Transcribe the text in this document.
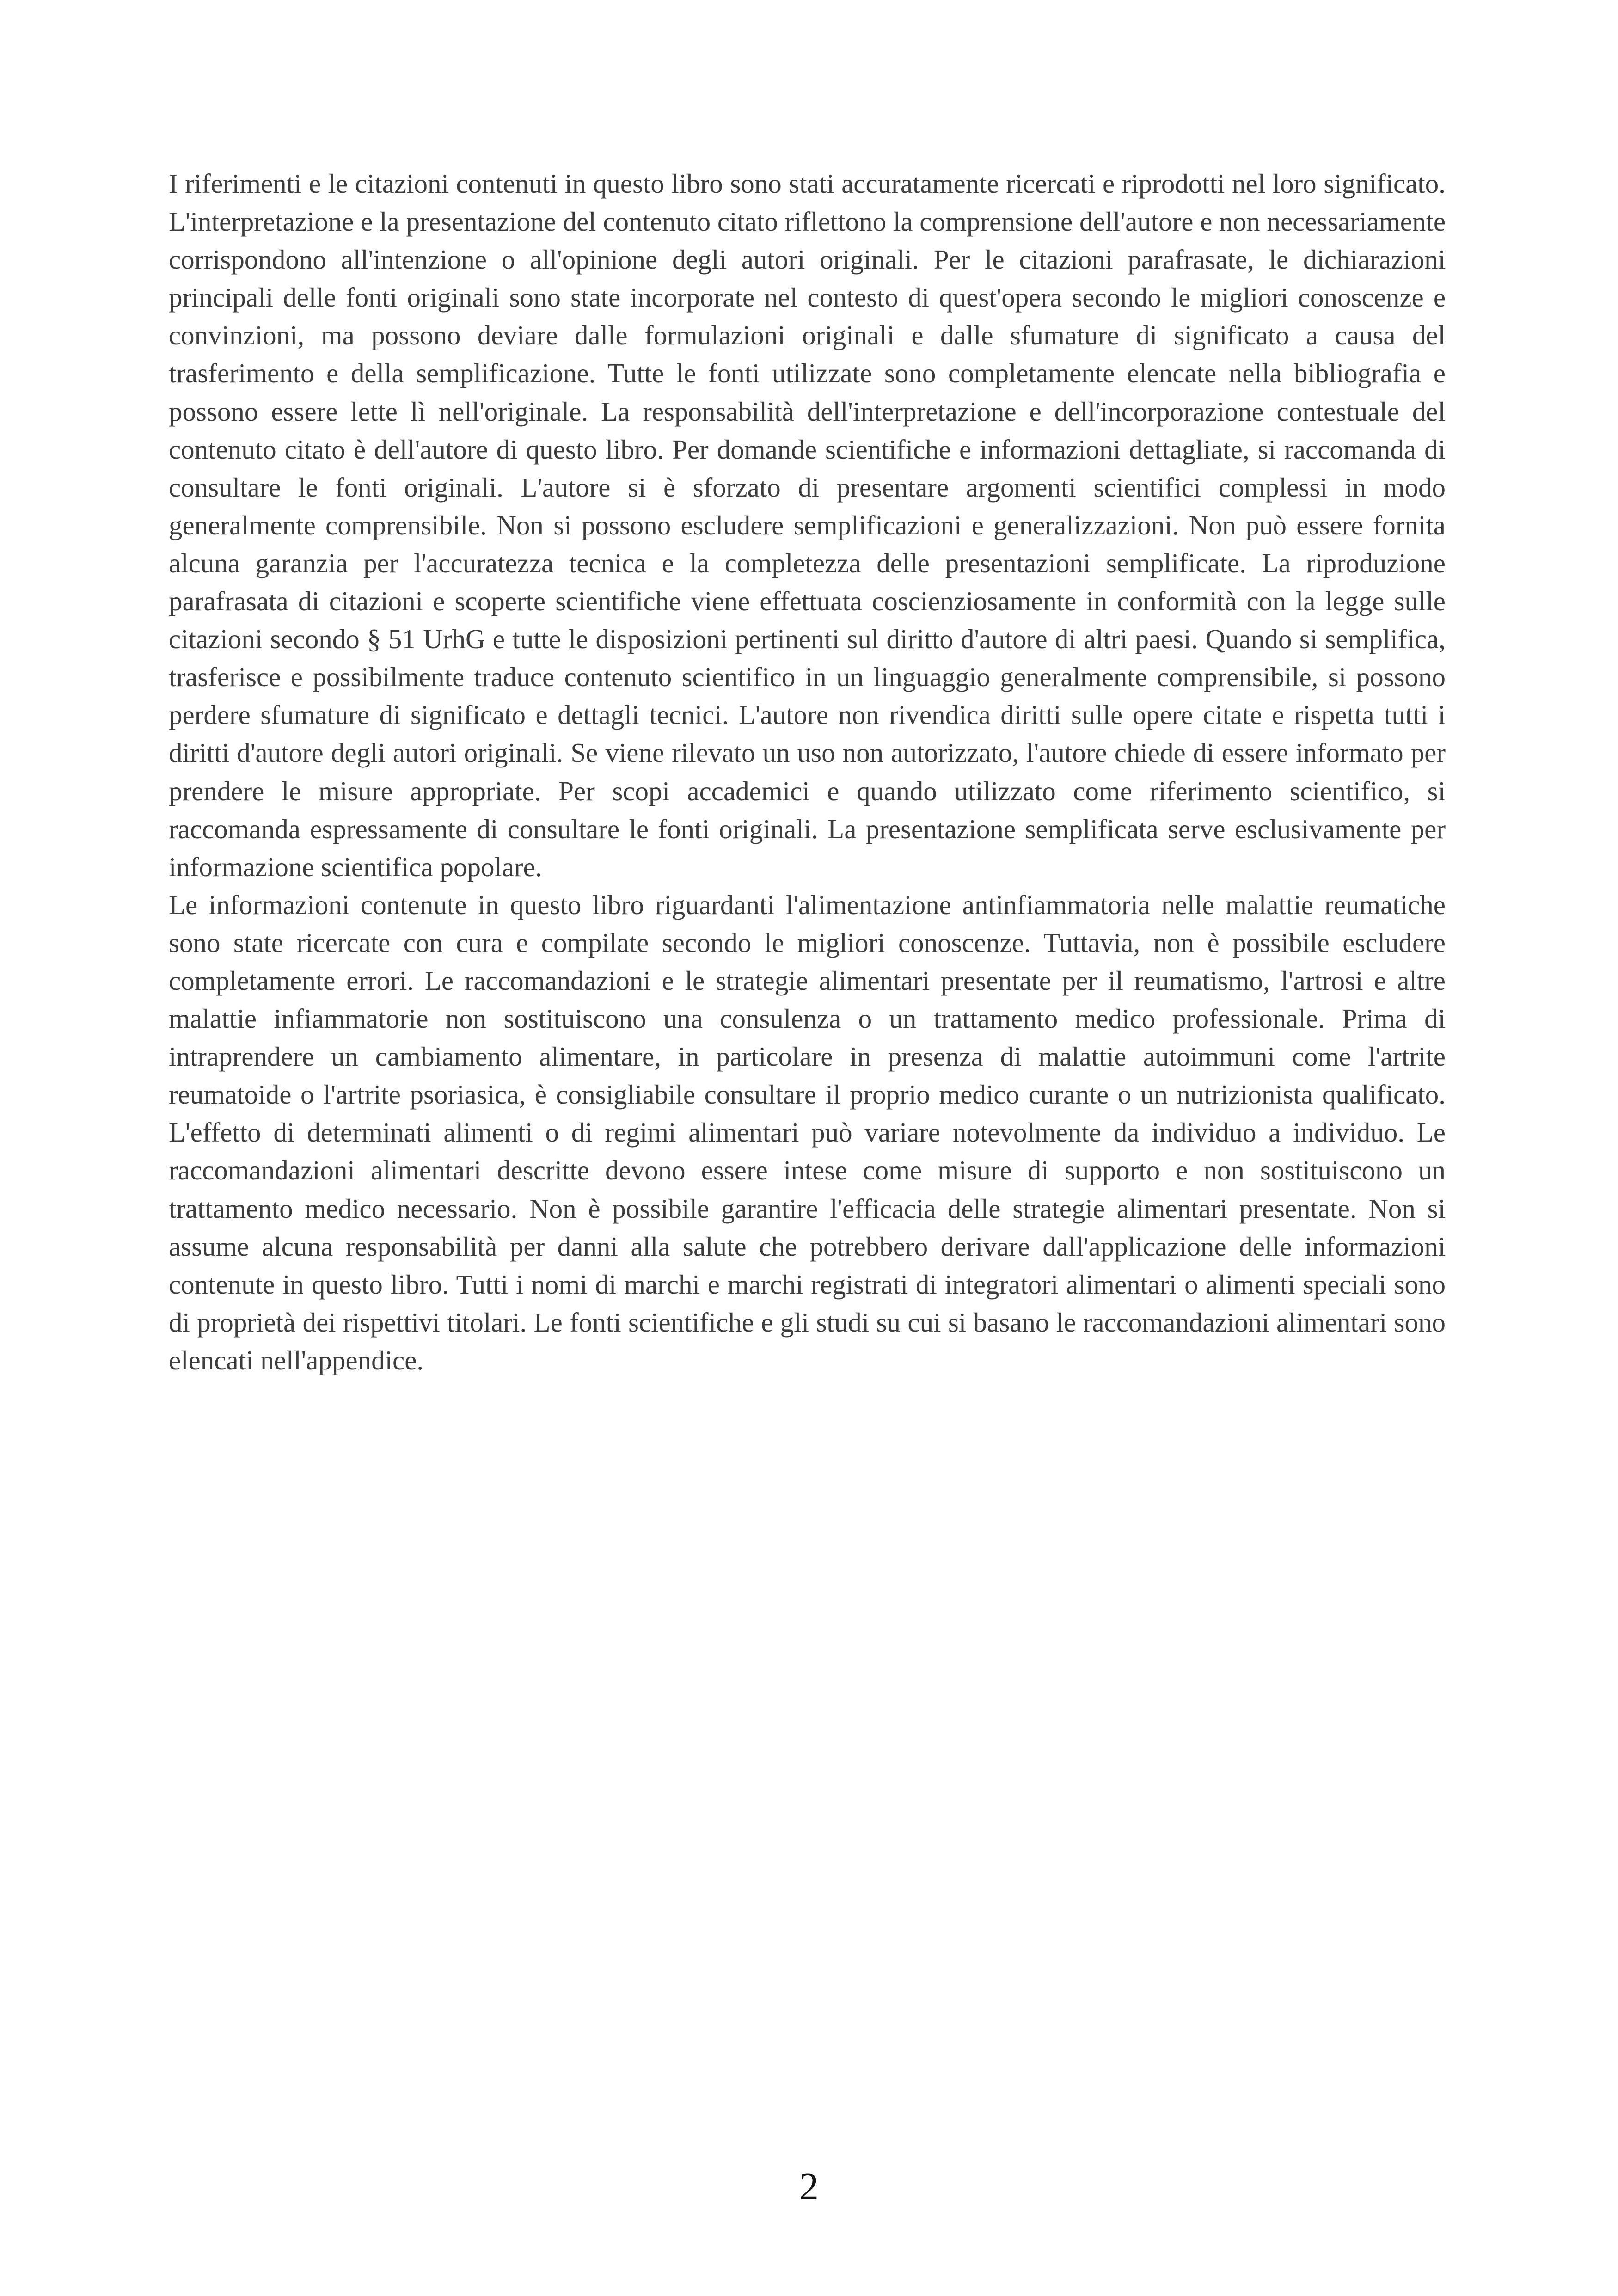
I riferimenti e le citazioni contenuti in questo libro sono stati accuratamente ricercati e riprodotti nel loro significato. L'interpretazione e la presentazione del contenuto citato riflettono la comprensione dell'autore e non necessariamente corrispondono all'intenzione o all'opinione degli autori originali. Per le citazioni parafrasate, le dichiarazioni principali delle fonti originali sono state incorporate nel contesto di quest'opera secondo le migliori conoscenze e convinzioni, ma possono deviare dalle formulazioni originali e dalle sfumature di significato a causa del trasferimento e della semplificazione. Tutte le fonti utilizzate sono completamente elencate nella bibliografia e possono essere lette lì nell'originale. La responsabilità dell'interpretazione e dell'incorporazione contestuale del contenuto citato è dell'autore di questo libro. Per domande scientifiche e informazioni dettagliate, si raccomanda di consultare le fonti originali. L'autore si è sforzato di presentare argomenti scientifici complessi in modo generalmente comprensibile. Non si possono escludere semplificazioni e generalizzazioni. Non può essere fornita alcuna garanzia per l'accuratezza tecnica e la completezza delle presentazioni semplificate. La riproduzione parafrasata di citazioni e scoperte scientifiche viene effettuata coscienziosamente in conformità con la legge sulle citazioni secondo § 51 UrhG e tutte le disposizioni pertinenti sul diritto d'autore di altri paesi. Quando si semplifica, trasferisce e possibilmente traduce contenuto scientifico in un linguaggio generalmente comprensibile, si possono perdere sfumature di significato e dettagli tecnici. L'autore non rivendica diritti sulle opere citate e rispetta tutti i diritti d'autore degli autori originali. Se viene rilevato un uso non autorizzato, l'autore chiede di essere informato per prendere le misure appropriate. Per scopi accademici e quando utilizzato come riferimento scientifico, si raccomanda espressamente di consultare le fonti originali. La presentazione semplificata serve esclusivamente per informazione scientifica popolare.

Le informazioni contenute in questo libro riguardanti l'alimentazione antinfiammatoria nelle malattie reumatiche sono state ricercate con cura e compilate secondo le migliori conoscenze. Tuttavia, non è possibile escludere completamente errori. Le raccomandazioni e le strategie alimentari presentate per il reumatismo, l'artrosi e altre malattie infiammatorie non sostituiscono una consulenza o un trattamento medico professionale. Prima di intraprendere un cambiamento alimentare, in particolare in presenza di malattie autoimmuni come l'artrite reumatoide o l'artrite psoriasica, è consigliabile consultare il proprio medico curante o un nutrizionista qualificato. L'effetto di determinati alimenti o di regimi alimentari può variare notevolmente da individuo a individuo. Le raccomandazioni alimentari descritte devono essere intese come misure di supporto e non sostituiscono un trattamento medico necessario. Non è possibile garantire l'efficacia delle strategie alimentari presentate. Non si assume alcuna responsabilità per danni alla salute che potrebbero derivare dall'applicazione delle informazioni contenute in questo libro. Tutti i nomi di marchi e marchi registrati di integratori alimentari o alimenti speciali sono di proprietà dei rispettivi titolari. Le fonti scientifiche e gli studi su cui si basano le raccomandazioni alimentari sono elencati nell'appendice.

2
